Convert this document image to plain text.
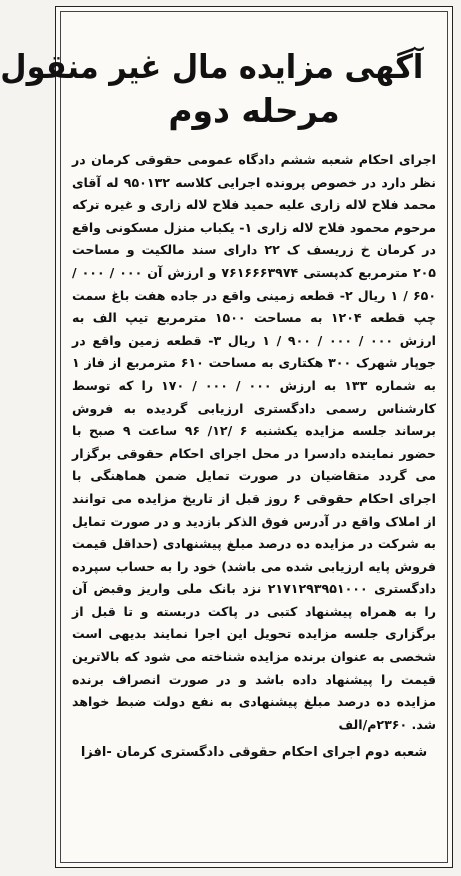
آگهی مزایده مال غیر منقول
مرحله دوم

اجرای احکام شعبه ششم دادگاه عمومی حقوقی کرمان در نظر دارد در خصوص پرونده اجرایی کلاسه ۹۵۰۱۳۲ له آقای محمد فلاح لاله زاری علیه حمید فلاح لاله زاری و غیره ترکه مرحوم محمود فلاح لاله زاری ۱- یکباب منزل مسکونی واقع در کرمان خ زریسف ک ۲۲ دارای سند مالکیت و مساحت ۲۰۵ مترمربع کدپستی ۷۶۱۶۶۶۳۹۷۴ و ارزش آن ۰۰۰ / ۰۰۰ / ۶۵۰ / ۱ ریال ۲- قطعه زمینی واقع در جاده هفت باغ سمت چپ قطعه ۱۲۰۴ به مساحت ۱۵۰۰ مترمربع تیپ الف به ارزش ۰۰۰ / ۰۰۰ / ۹۰۰ / ۱ ریال ۳- قطعه زمین واقع در جوپار شهرک ۳۰۰ هکتاری به مساحت ۶۱۰ مترمربع از فاز ۱ به شماره ۱۳۳ به ارزش ۰۰۰ / ۰۰۰ / ۱۷۰ را که توسط کارشناس رسمی دادگستری ارزیابی گردیده به فروش برساند جلسه مزایده یکشنبه ۶ /۱۲/ ۹۶ ساعت ۹ صبح با حضور نماینده دادسرا در محل اجرای احکام حقوقی برگزار می گردد متقاضیان در صورت تمایل ضمن هماهنگی با اجرای احکام حقوقی ۶ روز قبل از تاریخ مزایده می توانند از املاک واقع در آدرس فوق الذکر بازدید و در صورت تمایل به شرکت در مزایده ده درصد مبلغ پیشنهادی (حداقل قیمت فروش پایه ارزیابی شده می باشد) خود را به حساب سپرده دادگستری ۲۱۷۱۲۹۳۹۵۱۰۰۰ نزد بانک ملی واریز وقبض آن را به همراه پیشنهاد کتبی در پاکت دربسته و تا قبل از برگزاری جلسه مزایده تحویل این اجرا نمایند بدیهی است شخصی به عنوان برنده مزایده شناخته می شود که بالاترین قیمت را پیشنهاد داده باشد و در صورت انصراف برنده مزایده ده درصد مبلغ پیشنهادی به نفع دولت ضبط خواهد شد. ۲۳۶۰م/الف

شعبه دوم اجرای احکام حقوقی دادگستری کرمان -افزا
